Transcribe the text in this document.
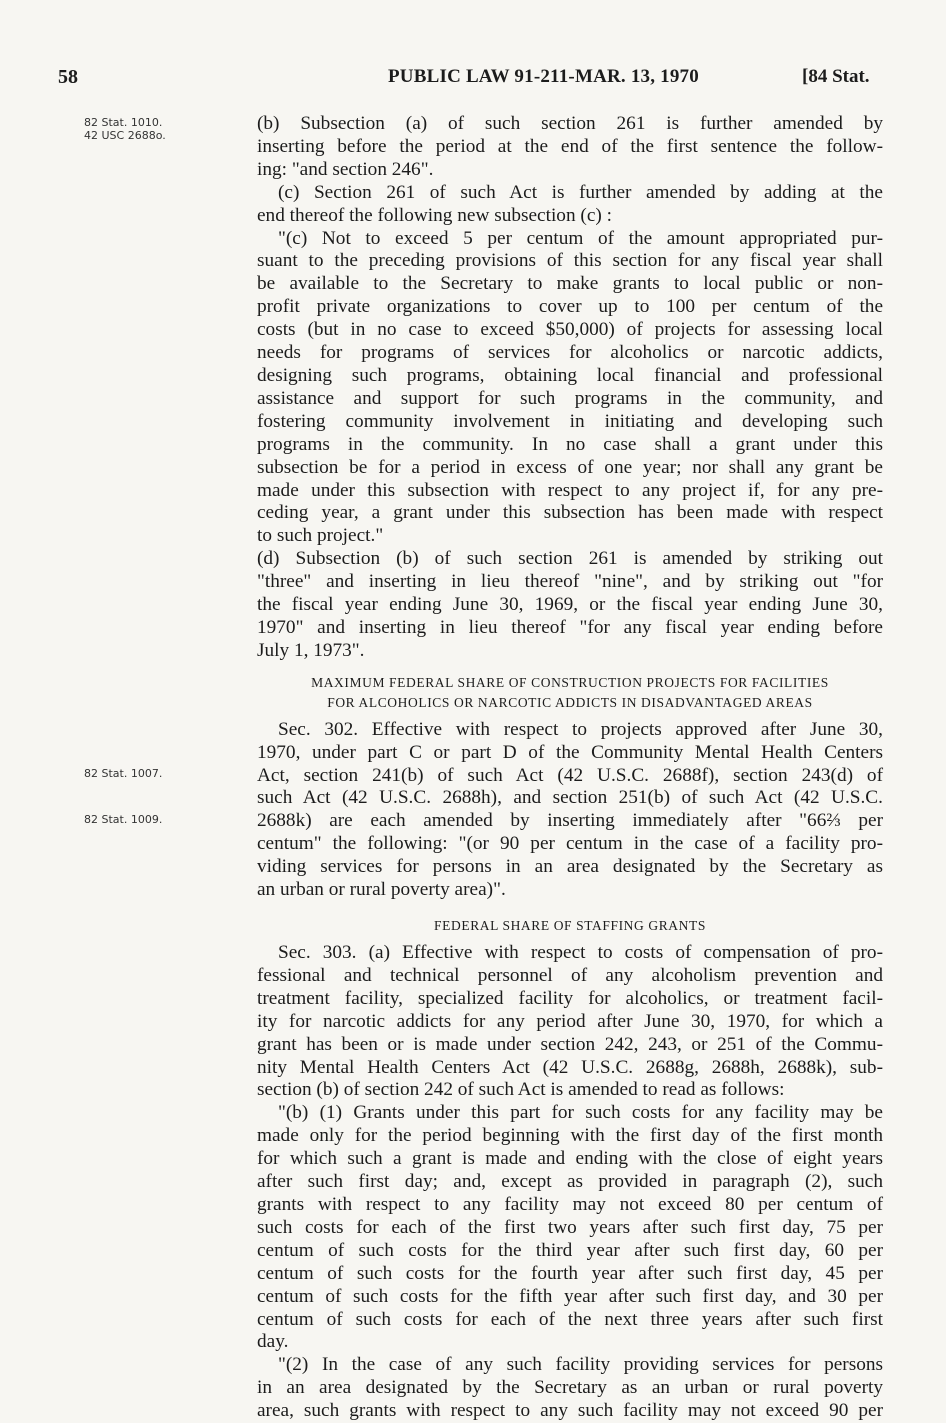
58	PUBLIC LAW 91-211-MAR. 13, 1970	[84 Stat.
82 Stat. 1010.
42 USC 2688o.
82 Stat. 1007.
82 Stat. 1009.
(b) Subsection (a) of such section 261 is further amended by
inserting before the period at the end of the first sentence the follow-
ing: "and section 246".
(c) Section 261 of such Act is further amended by adding at the
end thereof the following new subsection (c) :
"(c) Not to exceed 5 per centum of the amount appropriated pur-
suant to the preceding provisions of this section for any fiscal year shall
be available to the Secretary to make grants to local public or non-
profit private organizations to cover up to 100 per centum of the
costs (but in no case to exceed $50,000) of projects for assessing local
needs for programs of services for alcoholics or narcotic addicts,
designing such programs, obtaining local financial and professional
assistance and support for such programs in the community, and
fostering community involvement in initiating and developing such
programs in the community. In no case shall a grant under this
subsection be for a period in excess of one year; nor shall any grant be
made under this subsection with respect to any project if, for any pre-
ceding year, a grant under this subsection has been made with respect
to such project."
(d) Subsection (b) of such section 261 is amended by striking out
"three" and inserting in lieu thereof "nine", and by striking out "for
the fiscal year ending June 30, 1969, or the fiscal year ending June 30,
1970" and inserting in lieu thereof "for any fiscal year ending before
July 1, 1973".
MAXIMUM FEDERAL SHARE OF CONSTRUCTION PROJECTS FOR FACILITIES
FOR ALCOHOLICS OR NARCOTIC ADDICTS IN DISADVANTAGED AREAS
Sec. 302. Effective with respect to projects approved after June 30,
1970, under part C or part D of the Community Mental Health Centers
Act, section 241(b) of such Act (42 U.S.C. 2688f), section 243(d) of
such Act (42 U.S.C. 2688h), and section 251(b) of such Act (42 U.S.C.
2688k) are each amended by inserting immediately after "66⅔ per
centum" the following: "(or 90 per centum in the case of a facility pro-
viding services for persons in an area designated by the Secretary as
an urban or rural poverty area)".
FEDERAL SHARE OF STAFFING GRANTS
Sec. 303. (a) Effective with respect to costs of compensation of pro-
fessional and technical personnel of any alcoholism prevention and
treatment facility, specialized facility for alcoholics, or treatment facil-
ity for narcotic addicts for any period after June 30, 1970, for which a
grant has been or is made under section 242, 243, or 251 of the Commu-
nity Mental Health Centers Act (42 U.S.C. 2688g, 2688h, 2688k), sub-
section (b) of section 242 of such Act is amended to read as follows:
"(b) (1) Grants under this part for such costs for any facility may be
made only for the period beginning with the first day of the first month
for which such a grant is made and ending with the close of eight years
after such first day; and, except as provided in paragraph (2), such
grants with respect to any facility may not exceed 80 per centum of
such costs for each of the first two years after such first day, 75 per
centum of such costs for the third year after such first day, 60 per
centum of such costs for the fourth year after such first day, 45 per
centum of such costs for the fifth year after such first day, and 30 per
centum of such costs for each of the next three years after such first
day.
"(2) In the case of any such facility providing services for persons
in an area designated by the Secretary as an urban or rural poverty
area, such grants with respect to any such facility may not exceed 90 per
